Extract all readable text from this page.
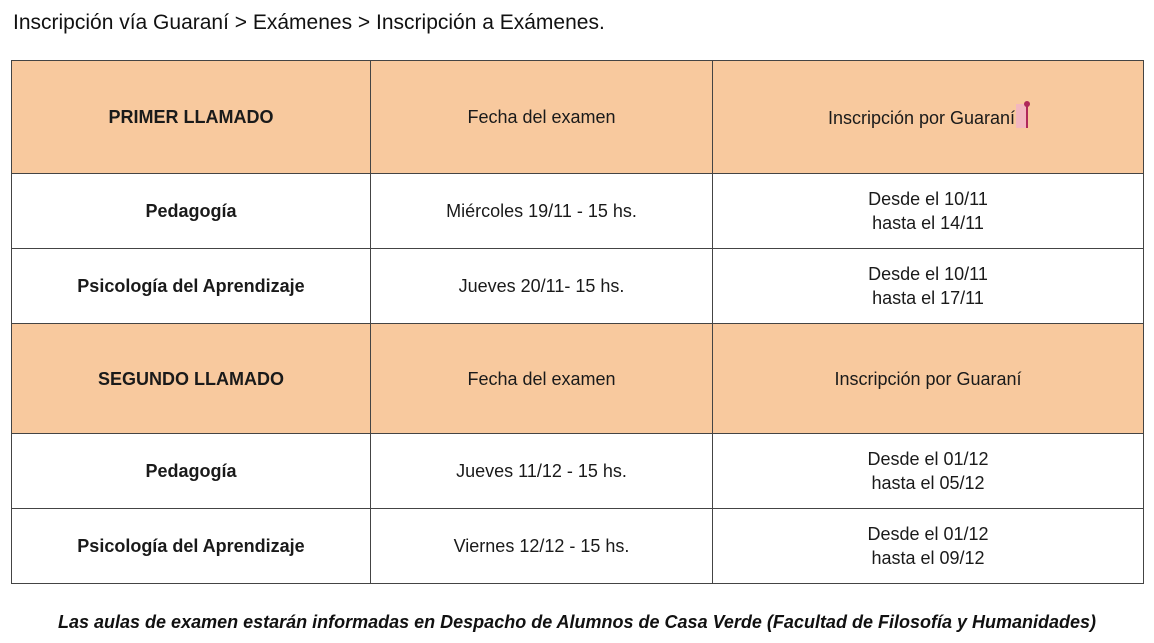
Inscripción vía Guaraní > Exámenes > Inscripción a Exámenes.
PRIMER LLAMADO	Fecha del examen	Inscripción por Guaraní
Pedagogía	Miércoles 19/11 - 15 hs.	Desde el 10/11
hasta el 14/11

Psicología del Aprendizaje	Jueves 20/11- 15 hs.	Desde el 10/11
hasta el 17/11

SEGUNDO LLAMADO	Fecha del examen	Inscripción por Guaraní
Pedagogía	Jueves 11/12 - 15 hs.	Desde el 01/12
hasta el 05/12

Psicología del Aprendizaje	Viernes 12/12 - 15 hs.	Desde el 01/12
hasta el 09/12
Las aulas de examen estarán informadas en Despacho de Alumnos de Casa Verde (Facultad de Filosofía y Humanidades)
